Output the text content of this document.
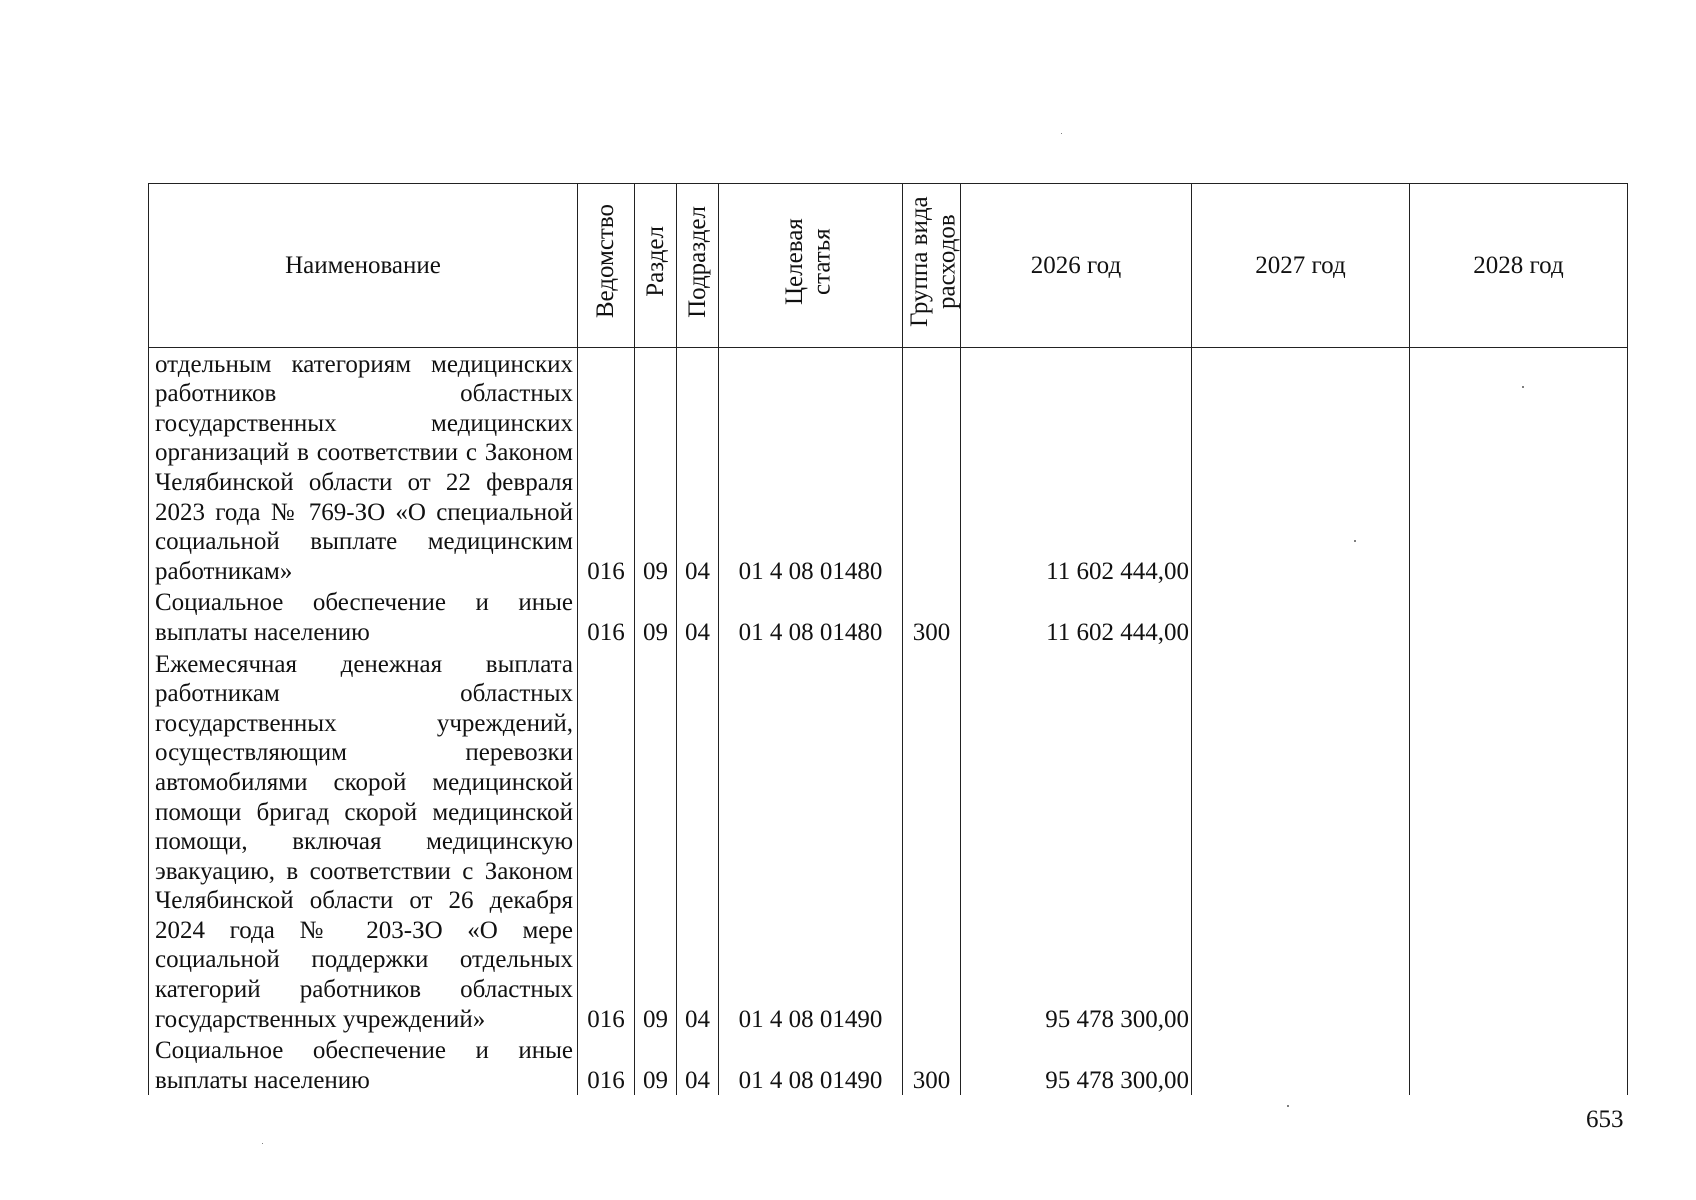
Наименование	Ведомство	Раздел	Подраздел	Целевая статья	Группа вида расходов	2026 год	2027 год	2028 год

отдельным категориям медицинских работников областных государственных медицинских организаций в соответствии с Законом Челябинской области от 22 февраля 2023 года № 769-ЗО «О специальной социальной выплате медицинским работникам»	016	09	04	01 4 08 01480		11 602 444,00		

Социальное обеспечение и иные выплаты населению	016	09	04	01 4 08 01480	300	11 602 444,00		

Ежемесячная денежная выплата работникам областных государственных учреждений, осуществляющим перевозки автомобилями скорой медицинской помощи бригад скорой медицинской помощи, включая медицинскую эвакуацию, в соответствии с Законом Челябинской области от 26 декабря 2024 года № 203-ЗО «О мере социальной поддержки отдельных категорий работников областных государственных учреждений»	016	09	04	01 4 08 01490		95 478 300,00		

Социальное обеспечение и иные выплаты населению	016	09	04	01 4 08 01490	300	95 478 300,00		
653
